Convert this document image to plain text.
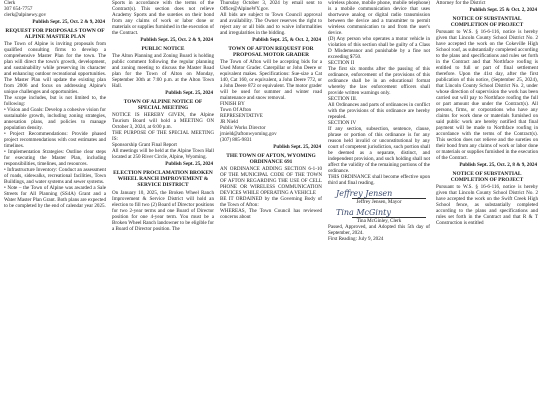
Clerk

307 654-7757

clerk@alpinewy.gov

Publish Sept. 25, Oct. 2 & 9, 2024

REQUEST FOR PROPOSALS TOWN OF ALPINE MASTER PLAN

The Town of Alpine is inviting proposals from qualified consulting firms to develop a comprehensive Master Plan for the town. The plan will direct the town's growth, development, and sustainability while preserving its character and enhancing outdoor recreational opportunities. The Master Plan will update the existing plan from 2006 and focus on addressing Alpine's unique challenges and opportunities.

The scope includes, but is not limited to, the following:

• Vision and Goals: Develop a cohesive vision for sustainable growth, including zoning strategies, annexation plans, and policies to manage population density.

• Project Recommendations: Provide phased project recommendations with cost estimates and timelines.

• Implementation Strategies: Outline clear steps for executing the Master Plan, including responsibilities, timelines, and resources.

• Infrastructure Inventory: Conduct an assessment of roads, sidewalks, recreational facilities, Town Buildings, and water systems and sewer systems.

• Note – the Town of Alpine was awarded a Sale Streets for All Planning (SS4A) Grant and a Water Master Plan Grant. Both plans are expected to be completed by the end of calendar year 2025.

Sports in accordance with the terms of the Contract(s). This section does not relieve Academy Sports and the sureties on their bond from any claims of work or labor done or materials or supplies furnished in the execution of the Contract.

Publish Sept. 25, Oct. 2 & 9, 2024

PUBLIC NOTICE

The Alton Planning and Zoning Board is holding public comment following the regular planning and zoning meeting to discuss the Master Road plan for the Town of Alton on Monday, September 30th at 7:00 p.m. at the Alton Town Hall.

Publish Sept. 25, 2024

TOWN OF ALPINE NOTICE OF SPECIAL MEETING

NOTICE IS HEREBY GIVEN, the Alpine Tourism Board will hold a MEETING ON October 3, 2024, at 6:00 p.m.

THE PURPOSE OF THE SPECIAL MEETING IS:

Sponsorship Grant Final Report

All meetings will be held at the Alpine Town Hall located at 250 River Circle, Alpine, Wyoming.

Publish Sept. 25, 2024

ELECTION PROCLAMATION BROKEN WHEEL RANCH IMPROVEMENT & SERVICE DISTRICT

On January 10, 2025, the Broken Wheel Ranch Improvement & Service District will hold an election to fill two (2) Board of Director positions for two 2-year terms and one Board of Director position for one 4-year term. You must be a Broken Wheel Ranch landowner to be eligible for a Board of Director position. The

Thursday October 3, 2024 by email sent to Office@AlpineWY.gov.

All bids are subject to Town Council approval and availability. The Owner reserves the right to reject any or all bids and to waive informalities and irregularities in the bidding.

Publish Sept. 25, & Oct. 2, 2024

TOWN OF AFTON REQUEST FOR PROPOSAL MOTOR GRADER

The Town of Afton will be accepting bids for a Used Motor Grader. Caterpillar or John Deere or equivalent makes. Specifications: Sue-size a Cat 140, Cat 160, or equivalent, a John Deere 772, or a John Deere 872 or equivalent. The motor grader will be used for summer and winter road maintenance and snow removal.

FINISH BY

Town Of Afton

REPRESENTATIVE

JR Nield

Public Works Director

jrnield@aftonwyoming.gov

(307) 885-9831

Publish Sept. 25, 2024

THE TOWN OF AFTON, WYOMING ORDINANCE 691

AN ORDINANCE ADDING SECTION 6-1-10 OF THE MUNICIPAL CODE OF THE TOWN OF AFTON REGARDING THE USE OF CELL PHONE OR WIRELESS COMMUNICATION DEVICES WHILE OPERATING A VEHICLE

BE IT ORDAINED by the Governing Body of the Town of Afton:

WHEREAS, The Town Council has reviewed concerns about

wireless phone, mobile phone, mobile telephone) is a mobile communication device that uses shortwave analog or digital radio transmission between the device and a transmitter to permit wireless communication to and from the user's device.

(D) Any person who operates a motor vehicle in violation of this section shall be guilty of a Class D Misdemeanor and punishable by a fine not exceeding $750.

SECTION II

The first six months after the passing of this ordinance, enforcement of the provisions of this ordinance shall be in an educational format whereby the law enforcement officers shall provide written warnings only.

SECTION III.

All Ordinances and parts of ordinances in conflict with the provisions of this ordinance are hereby repealed.

SECTION IV

If any section, subsection, sentence, clause, phrase or portion of this ordinance is for any reason held invalid or unconstitutional by any court of competent jurisdiction, such portion shall be deemed as a separate, distinct, and independent provision, and such holding shall not affect the validity of the remaining portions of the ordinance.

THIS ORDINANCE shall become effective upon third and final reading.

Jeffrey Jensen

Jeffrey Jensen, Mayor

Tina McGinty

Tina McGinley, Clerk

Passed, Approved, and Adopted this 5th day of September, 2024.

First Reading: July 9, 2024

Attorney for the District

Publish Sept. 25 & Oct. 2, 2024

NOTICE OF SUBSTANTIAL COMPLETION OF PROJECT

Pursuant to W.S. § 16-6-116, notice is hereby given that Lincoln County School District No. 2 have accepted the work on the Cokeville High School roof, as substantially completed according to the plans and specifications and rules set forth in the Contract and that Northface roofing is entitled to full or part of final settlement therefore. Upon the 41st day, after the first publication of this notice, (September 25, 2024), that Lincoln County School District No. 2, under whose direction of supervision the work has been carried out will pay to Northface roofing the full or part amount due under the Contract(s). All persons, firms, or corporations who have any claims for work done or materials furnished on said public work are hereby notified that final payment will be made to Northface roofing in accordance with the terms of the Contract(s). This section does not relieve and the sureties on their bond from any claims of work or labor done or materials or supplies furnished in the execution of the Contract.

Publish Sept. 25, Oct. 2, 8 & 9, 2024

NOTICE OF SUBSTANTIAL COMPLETION OF PROJECT

Pursuant to W.S. § 16-6-116, notice is hereby given that Lincoln County School District No. 2 have accepted the work on the Swift Creek High School fence, as substantially completed according to the plans and specifications and rules set forth in the Contract and that R & T Construction is entitled
